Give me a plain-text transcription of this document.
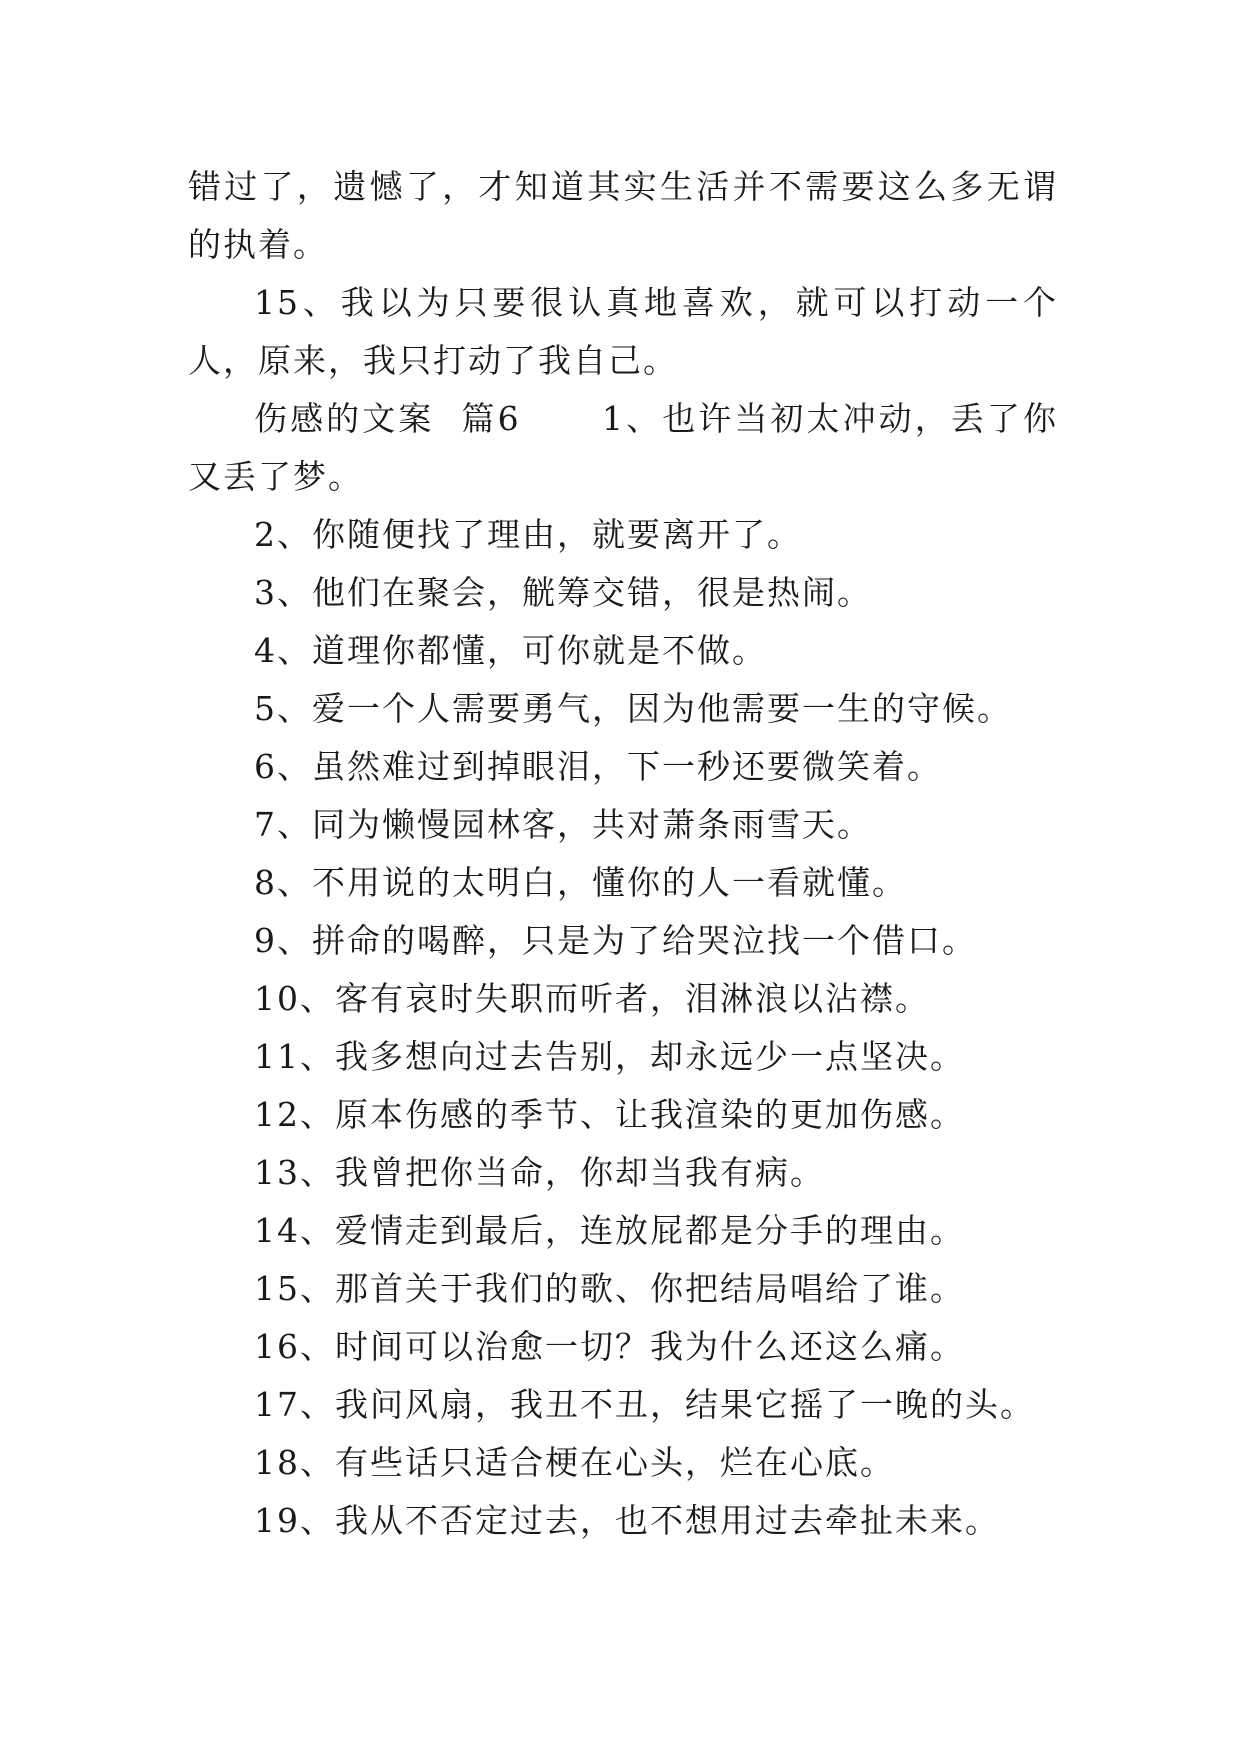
错过了，遗憾了，才知道其实生活并不需要这么多无谓的执着。

15、我以为只要很认真地喜欢，就可以打动一个人，原来，我只打动了我自己。

伤感的文案  篇6      1、也许当初太冲动，丢了你又丢了梦。

2、你随便找了理由，就要离开了。

3、他们在聚会，觥筹交错，很是热闹。

4、道理你都懂，可你就是不做。

5、爱一个人需要勇气，因为他需要一生的守候。

6、虽然难过到掉眼泪，下一秒还要微笑着。

7、同为懒慢园林客，共对萧条雨雪天。

8、不用说的太明白，懂你的人一看就懂。

9、拼命的喝醉，只是为了给哭泣找一个借口。

10、客有哀时失职而听者，泪淋浪以沾襟。

11、我多想向过去告别，却永远少一点坚决。

12、原本伤感的季节、让我渲染的更加伤感。

13、我曾把你当命，你却当我有病。

14、爱情走到最后，连放屁都是分手的理由。

15、那首关于我们的歌、你把结局唱给了谁。

16、时间可以治愈一切？我为什么还这么痛。

17、我问风扇，我丑不丑，结果它摇了一晚的头。

18、有些话只适合梗在心头，烂在心底。

19、我从不否定过去，也不想用过去牵扯未来。
